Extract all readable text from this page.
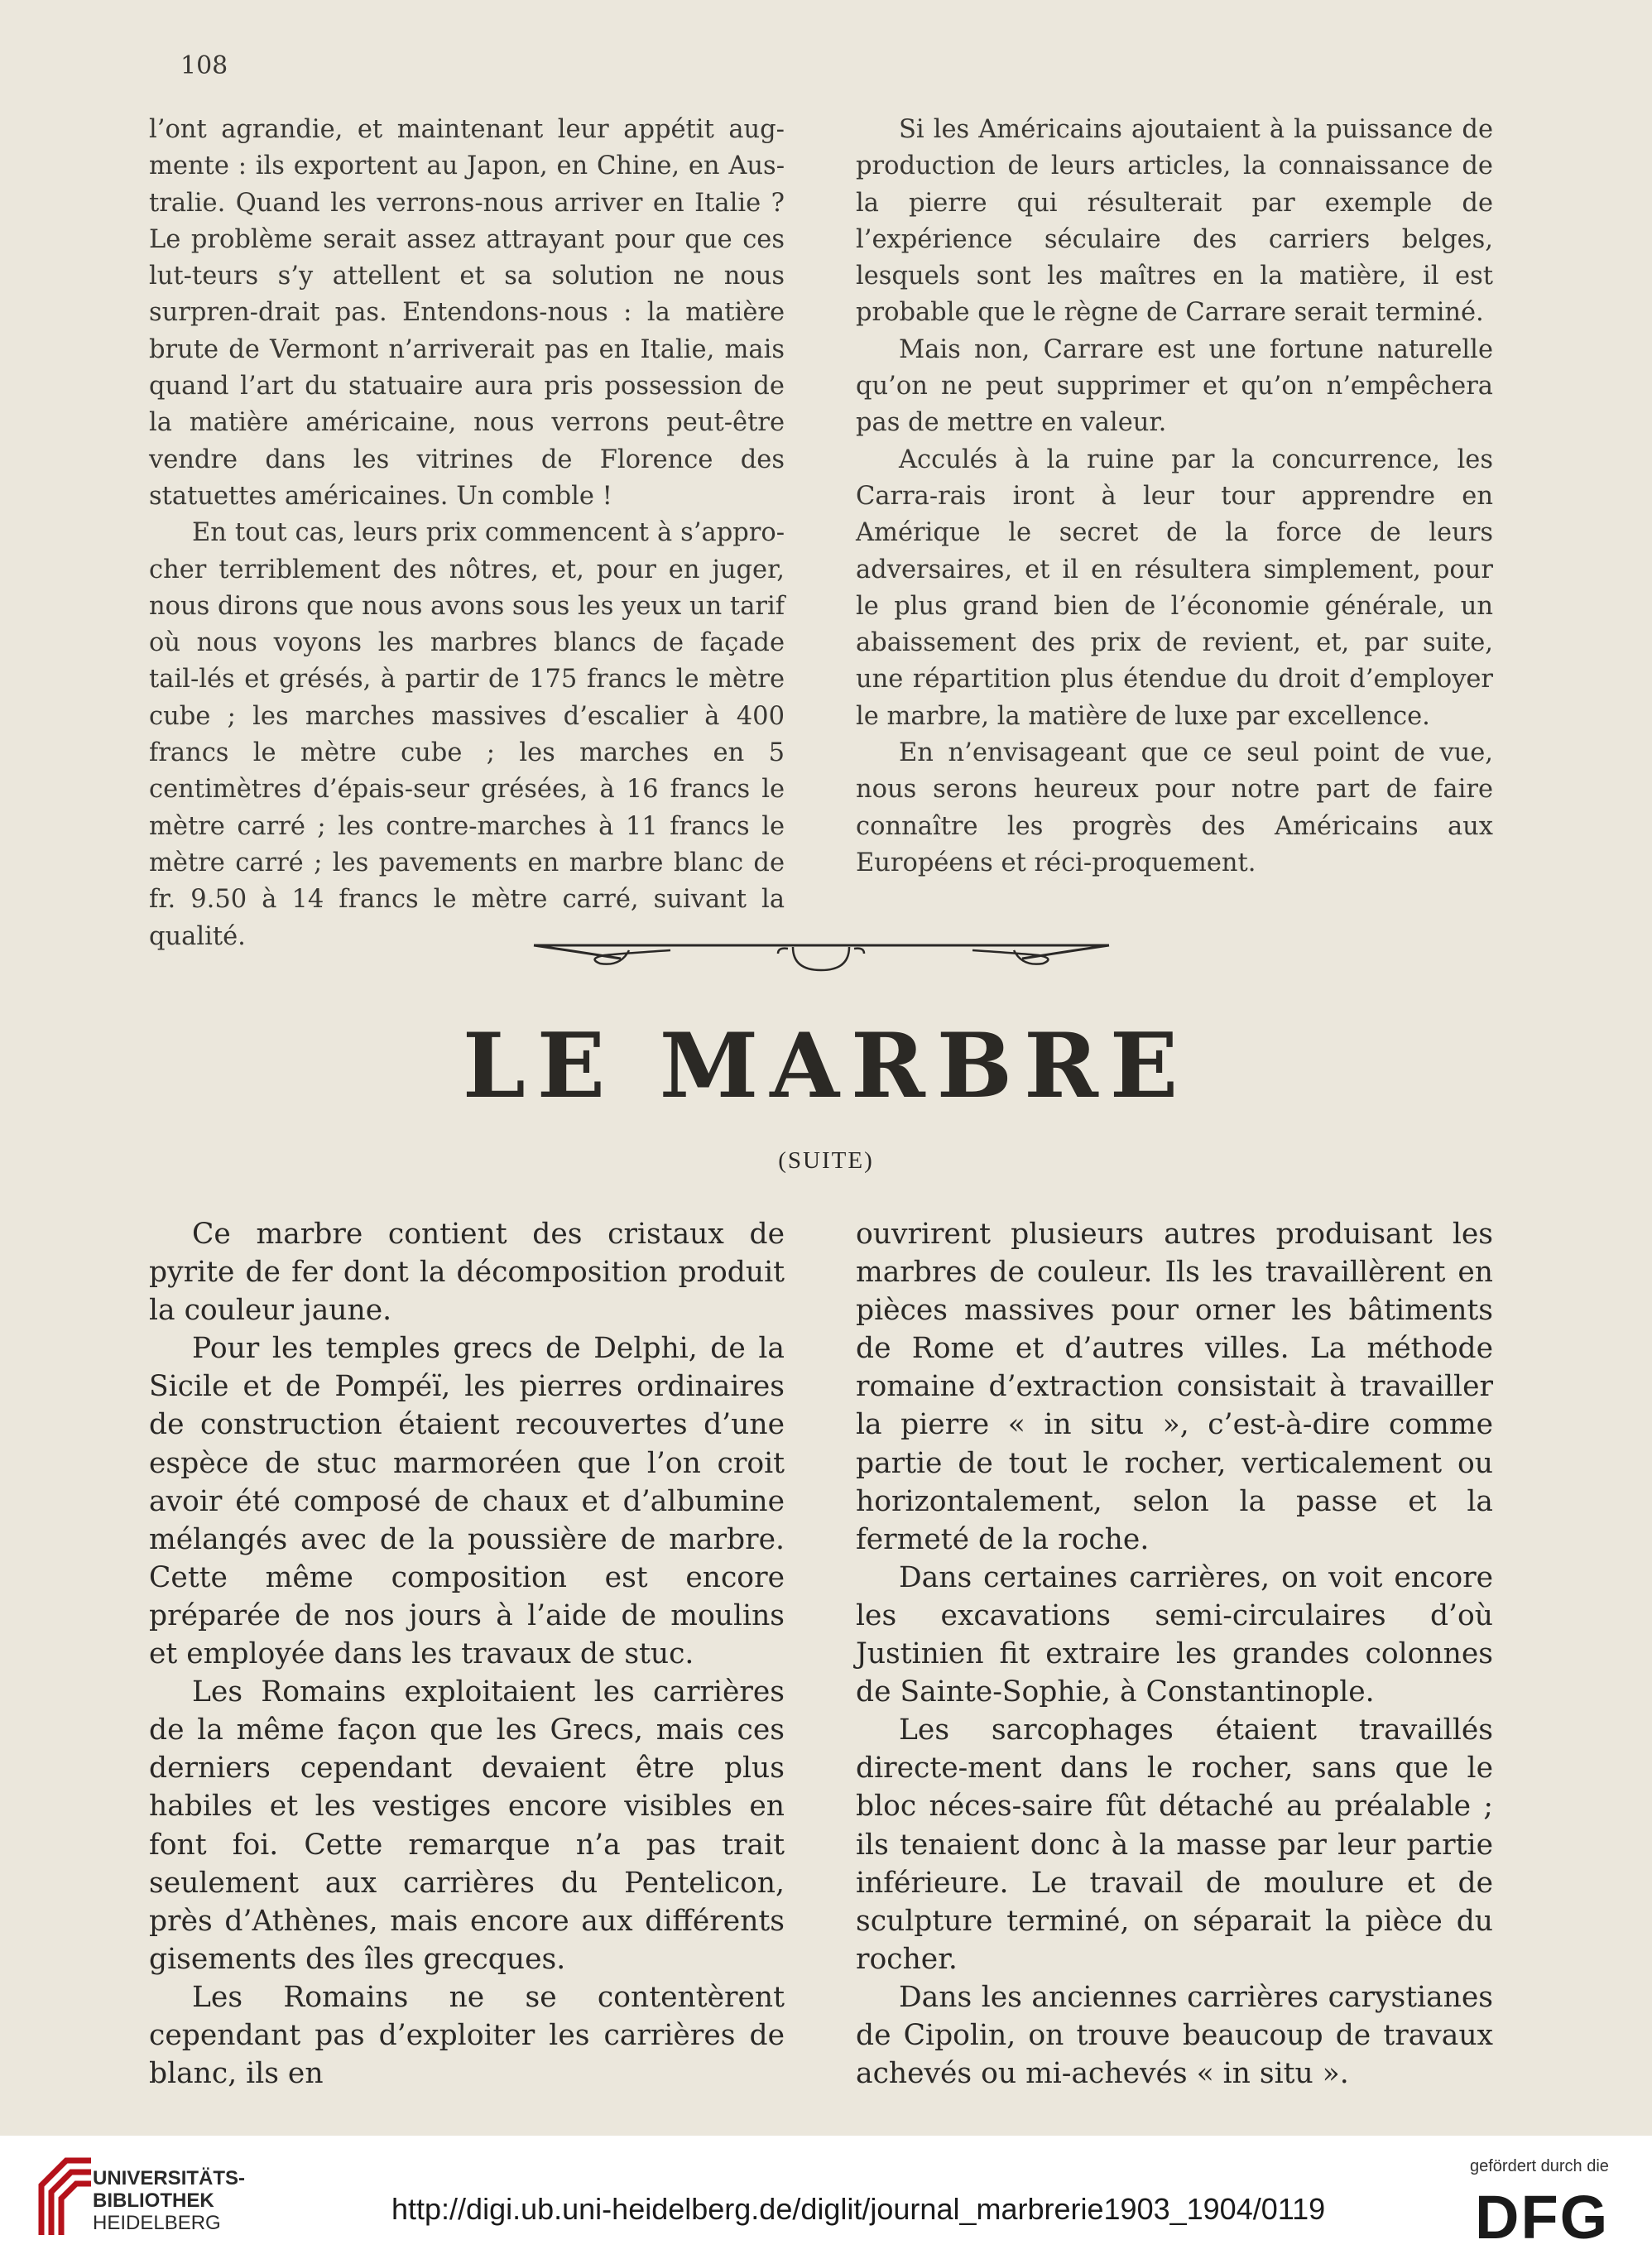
108

l’ont agrandie, et maintenant leur appétit aug-mente : ils exportent au Japon, en Chine, en Aus-tralie. Quand les verrons-nous arriver en Italie ? Le problème serait assez attrayant pour que ces lut-teurs s’y attellent et sa solution ne nous surpren-drait pas. Entendons-nous : la matière brute de Vermont n’arriverait pas en Italie, mais quand l’art du statuaire aura pris possession de la matière américaine, nous verrons peut-être vendre dans les vitrines de Florence des statuettes américaines. Un comble !

En tout cas, leurs prix commencent à s’appro-cher terriblement des nôtres, et, pour en juger, nous dirons que nous avons sous les yeux un tarif où nous voyons les marbres blancs de façade tail-lés et grésés, à partir de 175 francs le mètre cube ; les marches massives d’escalier à 400 francs le mètre cube ; les marches en 5 centimètres d’épais-seur grésées, à 16 francs le mètre carré ; les contre-marches à 11 francs le mètre carré ; les pavements en marbre blanc de fr. 9.50 à 14 francs le mètre carré, suivant la qualité.

Si les Américains ajoutaient à la puissance de production de leurs articles, la connaissance de la pierre qui résulterait par exemple de l’expérience séculaire des carriers belges, lesquels sont les maîtres en la matière, il est probable que le règne de Carrare serait terminé.

Mais non, Carrare est une fortune naturelle qu’on ne peut supprimer et qu’on n’empêchera pas de mettre en valeur.

Acculés à la ruine par la concurrence, les Carra-rais iront à leur tour apprendre en Amérique le secret de la force de leurs adversaires, et il en résultera simplement, pour le plus grand bien de l’économie générale, un abaissement des prix de revient, et, par suite, une répartition plus étendue du droit d’employer le marbre, la matière de luxe par excellence.

En n’envisageant que ce seul point de vue, nous serons heureux pour notre part de faire connaître les progrès des Américains aux Européens et réci-proquement.

LE MARBRE
(SUITE)

Ce marbre contient des cristaux de pyrite de fer dont la décomposition produit la couleur jaune.

Pour les temples grecs de Delphi, de la Sicile et de Pompéï, les pierres ordinaires de construction étaient recouvertes d’une espèce de stuc marmoréen que l’on croit avoir été composé de chaux et d’albumine mélangés avec de la poussière de marbre. Cette même composition est encore préparée de nos jours à l’aide de moulins et employée dans les travaux de stuc.

Les Romains exploitaient les carrières de la même façon que les Grecs, mais ces derniers cependant devaient être plus habiles et les vestiges encore visibles en font foi. Cette remarque n’a pas trait seulement aux carrières du Pentelicon, près d’Athènes, mais encore aux différents gisements des îles grecques.

Les Romains ne se contentèrent cependant pas d’exploiter les carrières de blanc, ils en

ouvrirent plusieurs autres produisant les marbres de couleur. Ils les travaillèrent en pièces massives pour orner les bâtiments de Rome et d’autres villes. La méthode romaine d’extraction consistait à travailler la pierre « in situ », c’est-à-dire comme partie de tout le rocher, verticalement ou horizontalement, selon la passe et la fermeté de la roche.

Dans certaines carrières, on voit encore les excavations semi-circulaires d’où Justinien fit extraire les grandes colonnes de Sainte-Sophie, à Constantinople.

Les sarcophages étaient travaillés directe-ment dans le rocher, sans que le bloc néces-saire fût détaché au préalable ; ils tenaient donc à la masse par leur partie inférieure. Le travail de moulure et de sculpture terminé, on séparait la pièce du rocher.

Dans les anciennes carrières carystianes de Cipolin, on trouve beaucoup de travaux achevés ou mi-achevés « in situ ».

UNIVERSITÄTS-
BIBLIOTHEK
HEIDELBERG	http://digi.ub.uni-heidelberg.de/diglit/journal_marbrerie1903_1904/0119
gefördert durch die
DFG
